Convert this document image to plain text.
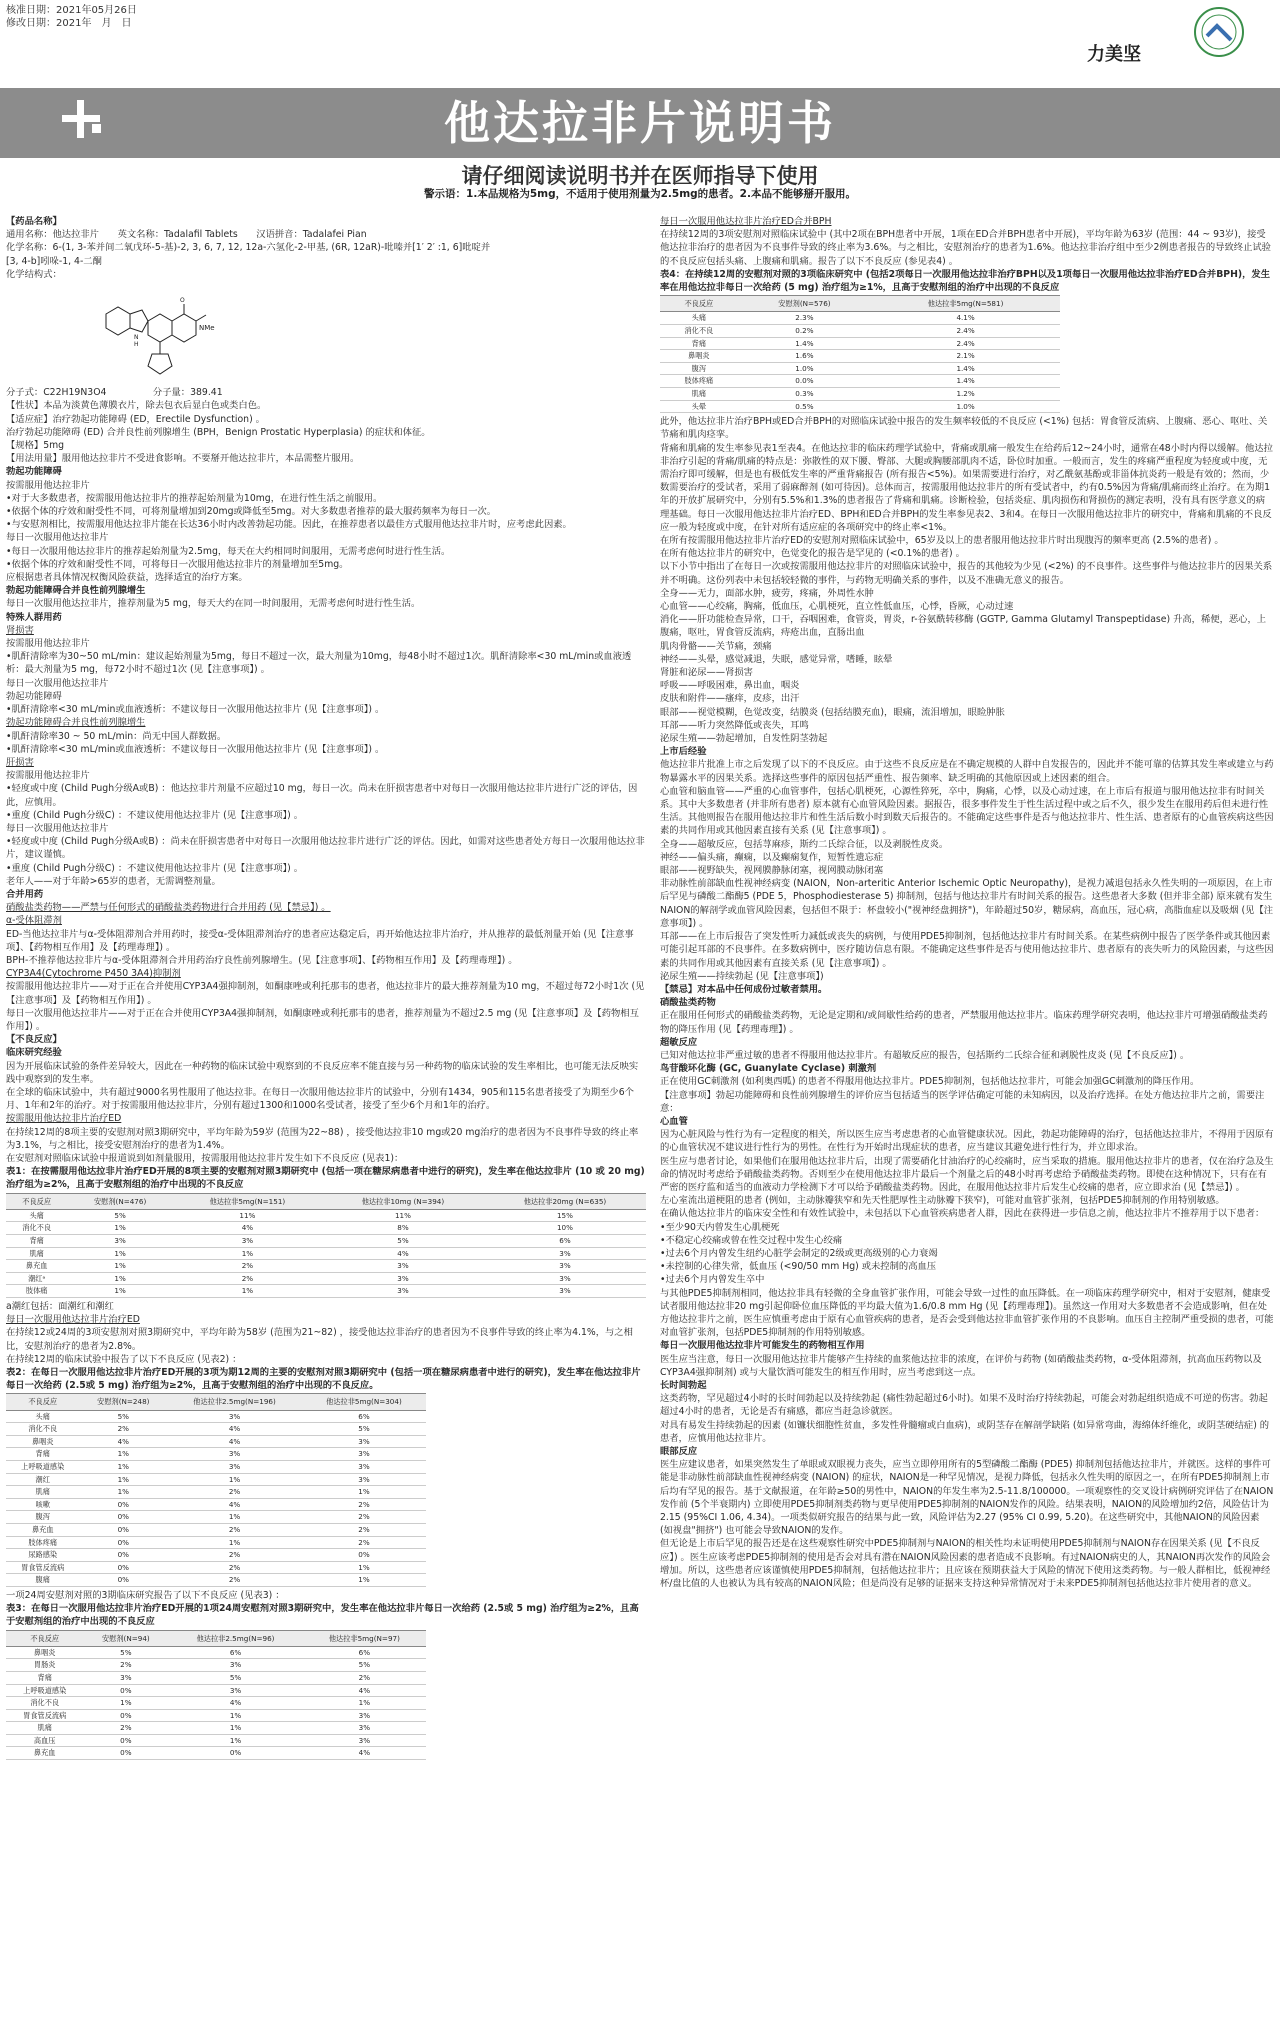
核准日期：2021年05月26日
修改日期：2021年　月　日
力美坚
他达拉非片说明书
请仔细阅读说明书并在医师指导下使用
警示语：1.本品规格为5mg，不适用于使用剂量为2.5mg的患者。2.本品不能够掰开服用。

【药品名称】

通用名称：他达拉非片　　英文名称：Tadalafil Tablets　　汉语拼音：Tadalafei Pian

化学名称：6-(1, 3-苯并间二氧戊环-5-基)-2, 3, 6, 7, 12, 12a-六氢化-2-甲基, (6R, 12aR)-吡嗪并[1′ 2′ :1, 6]吡啶并

[3, 4-b]吲哚-1, 4-二酮

化学结构式：

NMe
N
H
O

分子式：C22H19N3O4　　　　　分子量：389.41

【性状】本品为淡黄色薄膜衣片，除去包衣后显白色或类白色。

【适应症】治疗勃起功能障碍 (ED，Erectile Dysfunction) 。

治疗勃起功能障碍 (ED) 合并良性前列腺增生 (BPH，Benign Prostatic Hyperplasia) 的症状和体征。

【规格】5mg

【用法用量】服用他达拉非片不受进食影响。不要掰开他达拉非片，本品需整片服用。

勃起功能障碍

按需服用他达拉非片

•对于大多数患者，按需服用他达拉非片的推荐起始剂量为10mg，在进行性生活之前服用。

•依据个体的疗效和耐受性不同，可将剂量增加到20mg或降低至5mg。对大多数患者推荐的最大服药频率为每日一次。

•与安慰剂相比，按需服用他达拉非片能在长达36小时内改善勃起功能。因此，在推荐患者以最佳方式服用他达拉非片时，应考虑此因素。

每日一次服用他达拉非片

•每日一次服用他达拉非片的推荐起始剂量为2.5mg，每天在大约相同时间服用，无需考虑何时进行性生活。

•依据个体的疗效和耐受性不同，可将每日一次服用他达拉非片的剂量增加至5mg。

应根据患者具体情况权衡风险获益，选择适宜的治疗方案。

勃起功能障碍合并良性前列腺增生

每日一次服用他达拉非片，推荐剂量为5 mg，每天大约在同一时间服用，无需考虑何时进行性生活。

特殊人群用药

肾损害

按需服用他达拉非片

•肌酐清除率为30~50 mL/min：建议起始剂量为5mg，每日不超过一次，最大剂量为10mg，每48小时不超过1次。肌酐清除率<30 mL/min或血液透析：最大剂量为5 mg，每72小时不超过1次 (见【注意事项】) 。

每日一次服用他达拉非片

勃起功能障碍

•肌酐清除率<30 mL/min或血液透析：不建议每日一次服用他达拉非片 (见【注意事项】) 。

勃起功能障碍合并良性前列腺增生

•肌酐清除率30 ~ 50 mL/min：尚无中国人群数据。

•肌酐清除率<30 mL/min或血液透析：不建议每日一次服用他达拉非片 (见【注意事项】) 。

肝损害

按需服用他达拉非片

•轻度或中度 (Child Pugh分级A或B) ：他达拉非片剂量不应超过10 mg，每日一次。尚未在肝损害患者中对每日一次服用他达拉非片进行广泛的评估，因此，应慎用。

•重度 (Child Pugh分级C) ：不建议使用他达拉非片 (见【注意事项】) 。

每日一次服用他达拉非片

•轻度或中度 (Child Pugh分级A或B) ：尚未在肝损害患者中对每日一次服用他达拉非片进行广泛的评估。因此，如需对这些患者处方每日一次服用他达拉非片，建议谨慎。

•重度 (Child Pugh分级C) ：不建议使用他达拉非片 (见【注意事项】) 。

老年人——对于年龄>65岁的患者，无需调整剂量。

合并用药

硝酸盐类药物——严禁与任何形式的硝酸盐类药物进行合并用药 (见【禁忌】) 。

α-受体阻滞剂

ED-当他达拉非片与α-受体阻滞剂合并用药时，接受α-受体阻滞剂治疗的患者应达稳定后，再开始他达拉非片治疗，并从推荐的最低剂量开始 (见【注意事项】、【药物相互作用】及【药理毒理】) 。

BPH-不推荐他达拉非片与α-受体阻滞剂合并用药治疗良性前列腺增生。(见【注意事项】、【药物相互作用】及【药理毒理】) 。

CYP3A4(Cytochrome P450 3A4)抑制剂

按需服用他达拉非片——对于正在合并使用CYP3A4强抑制剂，如酮康唑或利托那韦的患者，他达拉非片的最大推荐剂量为10 mg，不超过每72小时1次 (见【注意事项】及【药物相互作用】) 。

每日一次服用他达拉非片——对于正在合并使用CYP3A4强抑制剂，如酮康唑或利托那韦的患者，推荐剂量为不超过2.5 mg (见【注意事项】及【药物相互作用】) 。

【不良反应】

临床研究经验

因为开展临床试验的条件差异较大，因此在一种药物的临床试验中观察到的不良反应率不能直接与另一种药物的临床试验的发生率相比，也可能无法反映实践中观察到的发生率。

在全球的临床试验中，共有超过9000名男性服用了他达拉非。在每日一次服用他达拉非片的试验中，分别有1434，905和115名患者接受了为期至少6个月、1年和2年的治疗。对于按需服用他达拉非片，分别有超过1300和1000名受试者，接受了至少6个月和1年的治疗。

按需服用他达拉非片治疗ED

在持续12周的8项主要的安慰剂对照3期研究中，平均年龄为59岁 (范围为22~88) ，接受他达拉非10 mg或20 mg治疗的患者因为不良事件导致的终止率为3.1%，与之相比，接受安慰剂治疗的患者为1.4%。

在安慰剂对照临床试验中报道说到如剂量服用，按需服用他达拉非片发生如下不良反应 (见表1)：

表1：在按需服用他达拉非片治疗ED开展的8项主要的安慰剂对照3期研究中 (包括一项在糖尿病患者中进行的研究)，发生率在他达拉非片 (10 或 20 mg) 治疗组为≥2%，且高于安慰剂组的治疗中出现的不良反应

不良反应	安慰剂(N=476)	他达拉非5mg(N=151)	他达拉非10mg (N=394)	他达拉非20mg (N=635)
头痛	5%	11%	11%	15%
消化不良	1%	4%	8%	10%
背痛	3%	3%	5%	6%
肌痛	1%	1%	4%	3%
鼻充血	1%	2%	3%	3%
潮红ᵃ	1%	2%	3%	3%
肢体痛	1%	1%	3%	3%

a潮红包括：面潮红和潮红

每日一次服用他达拉非片治疗ED

在持续12或24周的3项安慰剂对照3期研究中，平均年龄为58岁 (范围为21~82) ，接受他达拉非治疗的患者因为不良事件导致的终止率为4.1%，与之相比，安慰剂治疗的患者为2.8%。

在持续12周的临床试验中报告了以下不良反应 (见表2) ：

表2：在每日一次服用他达拉非片治疗ED开展的3项为期12周的主要的安慰剂对照3期研究中 (包括一项在糖尿病患者中进行的研究)，发生率在他达拉非片每日一次给药 (2.5或 5 mg) 治疗组为≥2%，且高于安慰剂组的治疗中出现的不良反应。

不良反应	安慰剂(N=248)	他达拉非2.5mg(N=196)	他达拉非5mg(N=304)
头痛	5%	3%	6%
消化不良	2%	4%	5%
鼻咽炎	4%	4%	3%
背痛	1%	3%	3%
上呼吸道感染	1%	3%	3%
潮红	1%	1%	3%
肌痛	1%	2%	1%
咳嗽	0%	4%	2%
腹泻	0%	1%	2%
鼻充血	0%	2%	2%
肢体疼痛	0%	1%	2%
尿路感染	0%	2%	0%
胃食管反流病	0%	2%	1%
腹痛	0%	2%	1%

一项24周安慰剂对照的3期临床研究报告了以下不良反应 (见表3) ：

表3：在每日一次服用他达拉非片治疗ED开展的1项24周安慰剂对照3期研究中，发生率在他达拉非片每日一次给药 (2.5或 5 mg) 治疗组为≥2%，且高于安慰剂组的治疗中出现的不良反应

不良反应	安慰剂(N=94)	他达拉非2.5mg(N=96)	他达拉非5mg(N=97)
鼻咽炎	5%	6%	6%
胃肠炎	2%	3%	5%
背痛	3%	5%	2%
上呼吸道感染	0%	3%	4%
消化不良	1%	4%	1%
胃食管反流病	0%	1%	3%
肌痛	2%	1%	3%
高血压	0%	1%	3%
鼻充血	0%	0%	4%

每日一次服用他达拉非片治疗ED合并BPH

在持续12周的3项安慰剂对照临床试验中 (其中2项在BPH患者中开展，1项在ED合并BPH患者中开展)，平均年龄为63岁 (范围：44 ~ 93岁)，接受他达拉非治疗的患者因为不良事件导致的终止率为3.6%。与之相比，安慰剂治疗的患者为1.6%。他达拉非治疗组中至少2例患者报告的导致终止试验的不良反应包括头痛、上腹痛和肌痛。报告了以下不良反应 (参见表4) 。

表4：在持续12周的安慰剂对照的3项临床研究中 (包括2项每日一次服用他达拉非治疗BPH以及1项每日一次服用他达拉非治疗ED合并BPH)，发生率在用他达拉非每日一次给药 (5 mg) 治疗组为≥1%，且高于安慰剂组的治疗中出现的不良反应

不良反应	安慰剂(N=576)	他达拉非5mg(N=581)
头痛	2.3%	4.1%
消化不良	0.2%	2.4%
背痛	1.4%	2.4%
鼻咽炎	1.6%	2.1%
腹泻	1.0%	1.4%
肢体疼痛	0.0%	1.4%
肌痛	0.3%	1.2%
头晕	0.5%	1.0%

此外，他达拉非片治疗BPH或ED合并BPH的对照临床试验中报告的发生频率较低的不良反应 (<1%) 包括：胃食管反流病、上腹痛、恶心、呕吐、关节痛和肌肉痉挛。

背痛和肌痛的发生率参见表1至表4。在他达拉非的临床药理学试验中，背痛或肌痛一般发生在给药后12~24小时，通常在48小时内得以缓解。他达拉非治疗引起的背痛/肌痛的特点是：弥散性的双下腰、臀部、大腿或胸腰部肌肉不适，卧位时加重。一般而言，发生的疼痛严重程度为轻度或中度，无需治疗即可缓解，但是也有极低发生率的严重背痛报告 (所有报告<5%)。如果需要进行治疗，对乙酰氨基酚或非甾体抗炎药一般是有效的；然而，少数需要治疗的受试者，采用了弱麻醉剂 (如可待因)。总体而言，按需服用他达拉非片的所有受试者中，约有0.5%因为背痛/肌痛而终止治疗。在为期1年的开放扩展研究中，分别有5.5%和1.3%的患者报告了背痛和肌痛。诊断检验，包括炎症、肌肉损伤和肾损伤的测定表明，没有具有医学意义的病理基础。每日一次服用他达拉非片治疗ED、BPH和ED合并BPH的发生率参见表2、3和4。在每日一次服用他达拉非片的研究中，背痛和肌痛的不良反应一般为轻度或中度，在针对所有适应症的各项研究中的终止率<1%。

在所有按需服用他达拉非片治疗ED的安慰剂对照临床试验中，65岁及以上的患者服用他达拉非片时出现腹泻的频率更高 (2.5%的患者) 。

在所有他达拉非片的研究中，色觉变化的报告是罕见的 (<0.1%的患者) 。

以下小节中指出了在每日一次或按需服用他达拉非片的对照临床试验中，报告的其他较为少见 (<2%) 的不良事件。这些事件与他达拉非片的因果关系并不明确。这份列表中未包括较轻微的事件，与药物无明确关系的事件，以及不准确无意义的报告。

全身——无力，面部水肿，疲劳，疼痛，外周性水肿

心血管——心绞痛，胸痛，低血压，心肌梗死，直立性低血压，心悸，昏厥，心动过速

消化——肝功能检查异常，口干，吞咽困难，食管炎，胃炎，r-谷氨酰转移酶 (GGTP, Gamma Glutamyl Transpeptidase) 升高，稀便，恶心，上腹痛，呕吐，胃食管反流病，痔疮出血，直肠出血

肌肉骨骼——关节痛，颈痛

神经——头晕，感觉减退，失眠，感觉异常，嗜睡，眩晕

肾脏和泌尿——肾损害

呼吸——呼吸困难，鼻出血，咽炎

皮肤和附件——瘙痒，皮疹，出汗

眼部——视觉模糊，色觉改变，结膜炎 (包括结膜充血)，眼痛，流泪增加，眼睑肿胀

耳部——听力突然降低或丧失，耳鸣

泌尿生殖——勃起增加，自发性阴茎勃起

上市后经验

他达拉非片批准上市之后发现了以下的不良反应。由于这些不良反应是在不确定规模的人群中自发报告的，因此并不能可靠的估算其发生率或建立与药物暴露水平的因果关系。选择这些事件的原因包括严重性、报告频率、缺乏明确的其他原因或上述因素的组合。

心血管和脑血管——严重的心血管事件，包括心肌梗死，心源性猝死，卒中，胸痛，心悸，以及心动过速，在上市后有报道与服用他达拉非有时间关系。其中大多数患者 (并非所有患者) 原本就有心血管风险因素。据报告，很多事件发生于性生活过程中或之后不久，很少发生在服用药后但未进行性生活。其他则报告在服用他达拉非片和性生活后数小时到数天后报告的。不能确定这些事件是否与他达拉非片、性生活、患者原有的心血管疾病这些因素的共同作用或其他因素直接有关系 (见【注意事项】) 。

全身——超敏反应，包括荨麻疹，斯约二氏综合征，以及剥脱性皮炎。

神经——偏头痛，癫痫，以及癫痫复作，短暂性遗忘症

眼部——视野缺失，视网膜静脉闭塞，视网膜动脉闭塞

非动脉性前部缺血性视神经病变 (NAION，Non-arteritic Anterior Ischemic Optic Neuropathy)，是视力减退包括永久性失明的一项原因，在上市后罕见与磷酸二酯酶5 (PDE 5，Phosphodiesterase 5) 抑制剂，包括与他达拉非片有时间关系的报告。这些患者大多数 (但并非全部) 原来就有发生NAION的解剖学或血管风险因素，包括但不限于：杯盘较小("视神经盘拥挤")，年龄超过50岁，糖尿病，高血压，冠心病，高脂血症以及吸烟 (见【注意事项】) 。

耳部——在上市后报告了突发性听力减低或丧失的病例，与使用PDE5抑制剂，包括他达拉非片有时间关系。在某些病例中报告了医学条件或其他因素可能引起耳部的不良事件。在多数病例中，医疗随访信息有限。不能确定这些事件是否与使用他达拉非片、患者原有的丧失听力的风险因素，与这些因素的共同作用或其他因素有直接关系 (见【注意事项】) 。

泌尿生殖——持续勃起 (见【注意事项】)

【禁忌】对本品中任何成份过敏者禁用。

硝酸盐类药物

正在服用任何形式的硝酸盐类药物，无论是定期和/或间歇性给药的患者，严禁服用他达拉非片。临床药理学研究表明，他达拉非片可增强硝酸盐类药物的降压作用 (见【药理毒理】) 。

超敏反应

已知对他达拉非严重过敏的患者不得服用他达拉非片。有超敏反应的报告，包括斯约二氏综合征和剥脱性皮炎 (见【不良反应】) 。

鸟苷酸环化酶 (GC, Guanylate Cyclase) 刺激剂

正在使用GC刺激剂 (如利奥西呱) 的患者不得服用他达拉非片。PDE5抑制剂，包括他达拉非片，可能会加强GC刺激剂的降压作用。

【注意事项】勃起功能障碍和良性前列腺增生的评价应当包括适当的医学评估确定可能的未知病因，以及治疗选择。在处方他达拉非片之前，需要注意：

心血管

因为心脏风险与性行为有一定程度的相关，所以医生应当考虑患者的心血管健康状况。因此，勃起功能障碍的治疗，包括他达拉非片，不得用于因原有的心血管状况不建议进行性行为的男性。在性行为开始时出现症状的患者，应当建议其避免进行性行为，并立即求治。

医生应与患者讨论，如果他们在服用他达拉非片后，出现了需要硝化甘油治疗的心绞痛时，应当采取的措施。服用他达拉非片的患者，仅在治疗急及生命的情况时考虑给予硝酸盐类药物。否则至少在使用他达拉非片最后一个剂量之后的48小时再考虑给予硝酸盐类药物。即使在这种情况下，只有在有严密的医疗监和适当的血液动力学检测下才可以给予硝酸盐类药物。因此，在服用他达拉非片后发生心绞痛的患者，应立即求治 (见【禁忌】) 。

左心室流出道梗阻的患者 (例如，主动脉瓣狭窄和先天性肥厚性主动脉瓣下狭窄)，可能对血管扩张剂，包括PDE5抑制剂的作用特别敏感。

在确认他达拉非片的临床安全性和有效性试验中，未包括以下心血管疾病患者人群，因此在获得进一步信息之前，他达拉非片不推荐用于以下患者：

•至少90天内曾发生心肌梗死

•不稳定心绞痛或曾在性交过程中发生心绞痛

•过去6个月内曾发生纽约心脏学会制定的2级或更高级别的心力衰竭

•未控制的心律失常，低血压 (<90/50 mm Hg) 或未控制的高血压

•过去6个月内曾发生卒中

与其他PDE5抑制剂相同，他达拉非具有轻微的全身血管扩张作用，可能会导致一过性的血压降低。在一项临床药理学研究中，相对于安慰剂，健康受试者服用他达拉非20 mg引起仰卧位血压降低的平均最大值为1.6/0.8 mm Hg (见【药理毒理】)。虽然这一作用对大多数患者不会造成影响，但在处方他达拉非片之前，医生应慎重考虑由于原有心血管疾病的患者，是否会受到他达拉非血管扩张作用的不良影响。血压自主控制严重受损的患者，可能对血管扩张剂，包括PDE5抑制剂的作用特别敏感。

每日一次服用他达拉非片可能发生的药物相互作用

医生应当注意，每日一次服用他达拉非片能够产生持续的血浆他达拉非的浓度，在评价与药物 (如硝酸盐类药物，α-受体阻滞剂，抗高血压药物以及CYP3A4强抑制剂) 或与大量饮酒可能发生的相互作用时，应当考虑到这一点。

长时间勃起

这类药物，罕见超过4小时的长时间勃起以及持续勃起 (痛性勃起超过6小时)。如果不及时治疗持续勃起，可能会对勃起组织造成不可逆的伤害。勃起超过4小时的患者，无论是否有痛感，都应当赶急诊就医。

对具有易发生持续勃起的因素 (如镰状细胞性贫血，多发性骨髓瘤或白血病)，或阴茎存在解剖学缺陷 (如异常弯曲，海绵体纤维化，或阴茎硬结症) 的患者，应慎用他达拉非片。

眼部反应

医生应建议患者，如果突然发生了单眼或双眼视力丧失，应当立即停用所有的5型磷酸二酯酶 (PDE5) 抑制剂包括他达拉非片，并就医。这样的事件可能是非动脉性前部缺血性视神经病变 (NAION) 的症状，NAION是一种罕见情况，是视力降低，包括永久性失明的原因之一，在所有PDE5抑制剂上市后均有罕见的报告。基于文献报道，在年龄≥50的男性中，NAION的年发生率为2.5-11.8/100000。一项观察性的交叉设计病例研究评估了在NAION发作前 (5个半衰期内) 立即使用PDE5抑制剂类药物与更早使用PDE5抑制剂的NAION发作的风险。结果表明，NAION的风险增加约2倍，风险估计为2.15 (95%CI 1.06, 4.34)。一项类似研究报告的结果与此一致，风险评估为2.27 (95% CI 0.99, 5.20)。在这些研究中，其他NAION的风险因素 (如视盘"拥挤") 也可能会导致NAION的发作。

但无论是上市后罕见的报告还是在这些观察性研究中PDE5抑制剂与NAION的相关性均未证明使用PDE5抑制剂与NAION存在因果关系 (见【不良反应】) 。医生应该考虑PDE5抑制剂的使用是否会对具有潜在NAION风险因素的患者造成不良影响。有过NAION病史的人，其NAION再次发作的风险会增加。所以，这些患者应该谨慎使用PDE5抑制剂，包括他达拉非片；且应该在预期获益大于风险的情况下使用这类药物。与一般人群相比，低视神经杯/盘比值的人也被认为具有较高的NAION风险；但是尚没有足够的证据来支持这种异常情况对于未来PDE5抑制剂包括他达拉非片使用者的意义。
